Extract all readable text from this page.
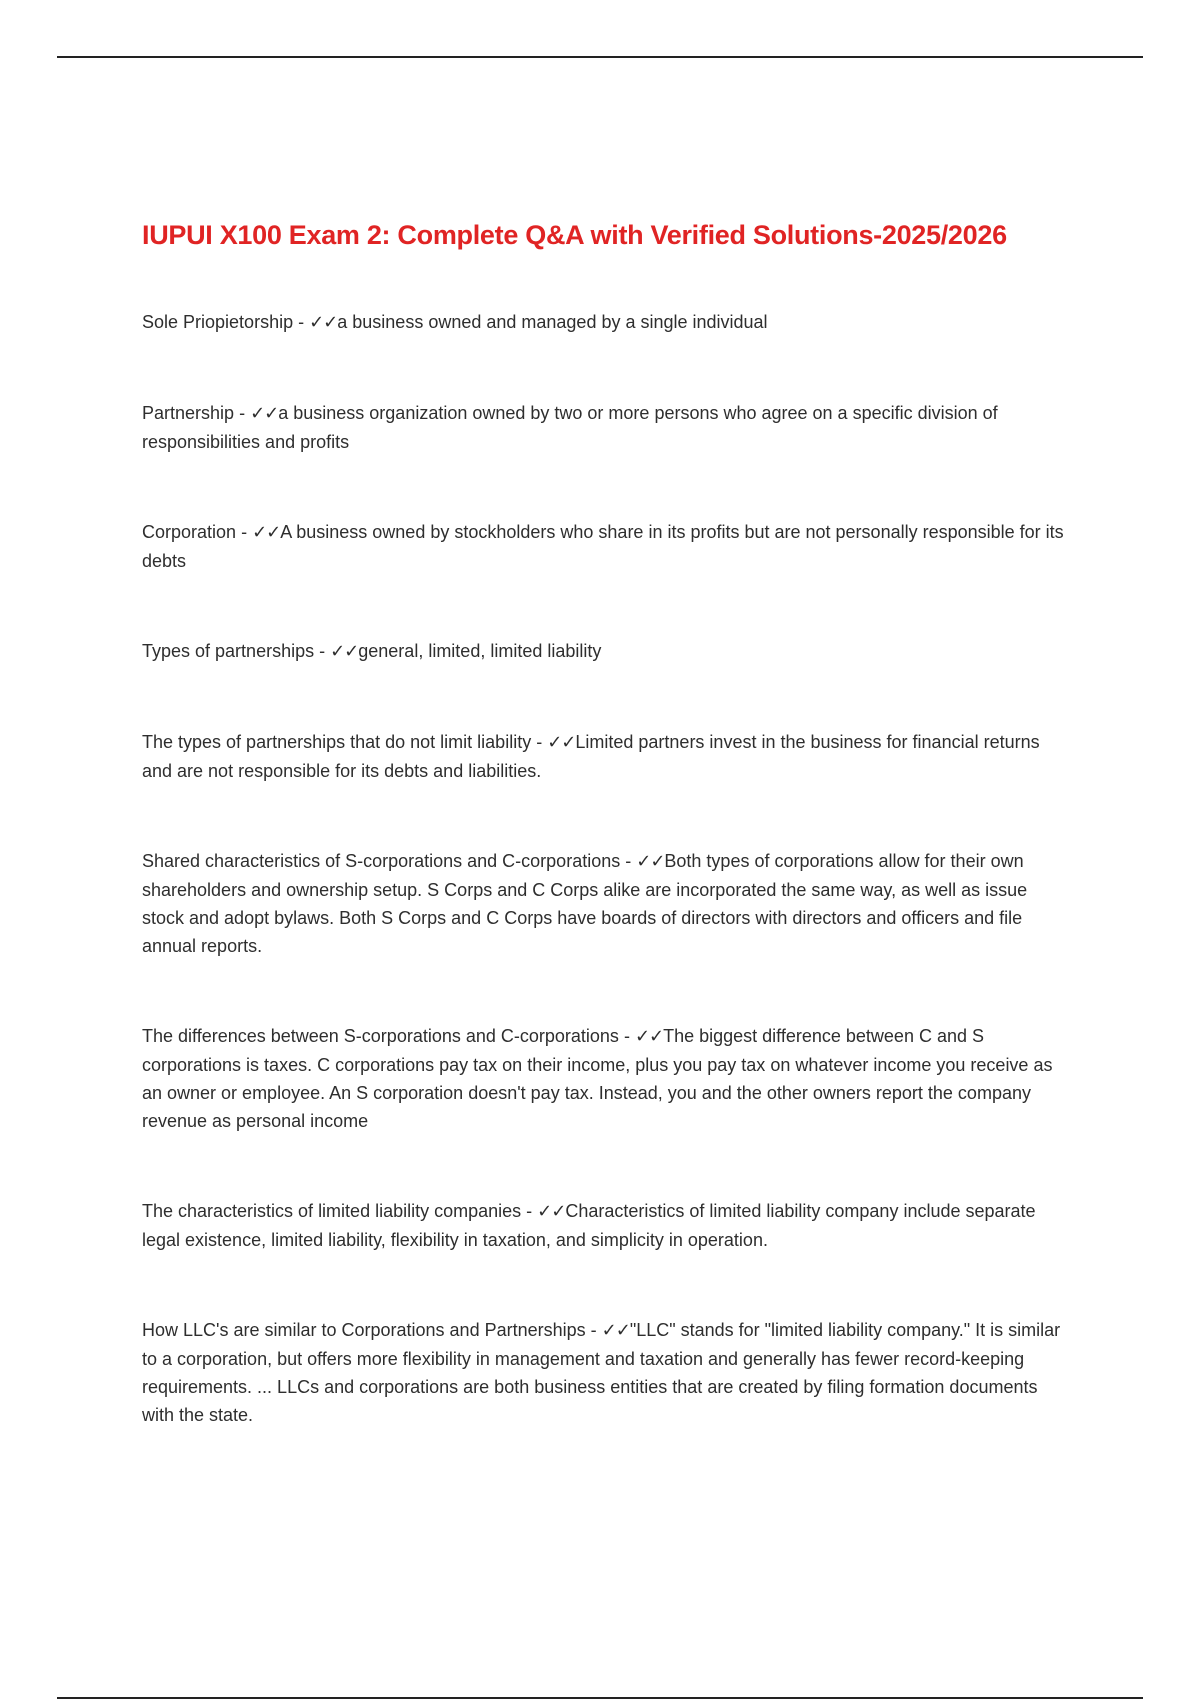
IUPUI X100 Exam 2: Complete Q&A with Verified Solutions-2025/2026

Sole Priopietorship - ✓✓a business owned and managed by a single individual

Partnership - ✓✓a business organization owned by two or more persons who agree on a specific division of responsibilities and profits

Corporation - ✓✓A business owned by stockholders who share in its profits but are not personally responsible for its debts

Types of partnerships - ✓✓general, limited, limited liability

The types of partnerships that do not limit liability - ✓✓Limited partners invest in the business for financial returns and are not responsible for its debts and liabilities.

Shared characteristics of S-corporations and C-corporations - ✓✓Both types of corporations allow for their own shareholders and ownership setup. S Corps and C Corps alike are incorporated the same way, as well as issue stock and adopt bylaws. Both S Corps and C Corps have boards of directors with directors and officers and file annual reports.

The differences between S-corporations and C-corporations - ✓✓The biggest difference between C and S corporations is taxes. C corporations pay tax on their income, plus you pay tax on whatever income you receive as an owner or employee. An S corporation doesn't pay tax. Instead, you and the other owners report the company revenue as personal income

The characteristics of limited liability companies - ✓✓Characteristics of limited liability company include separate legal existence, limited liability, flexibility in taxation, and simplicity in operation.

How LLC's are similar to Corporations and Partnerships - ✓✓"LLC" stands for "limited liability company." It is similar to a corporation, but offers more flexibility in management and taxation and generally has fewer record-keeping requirements. ... LLCs and corporations are both business entities that are created by filing formation documents with the state.
